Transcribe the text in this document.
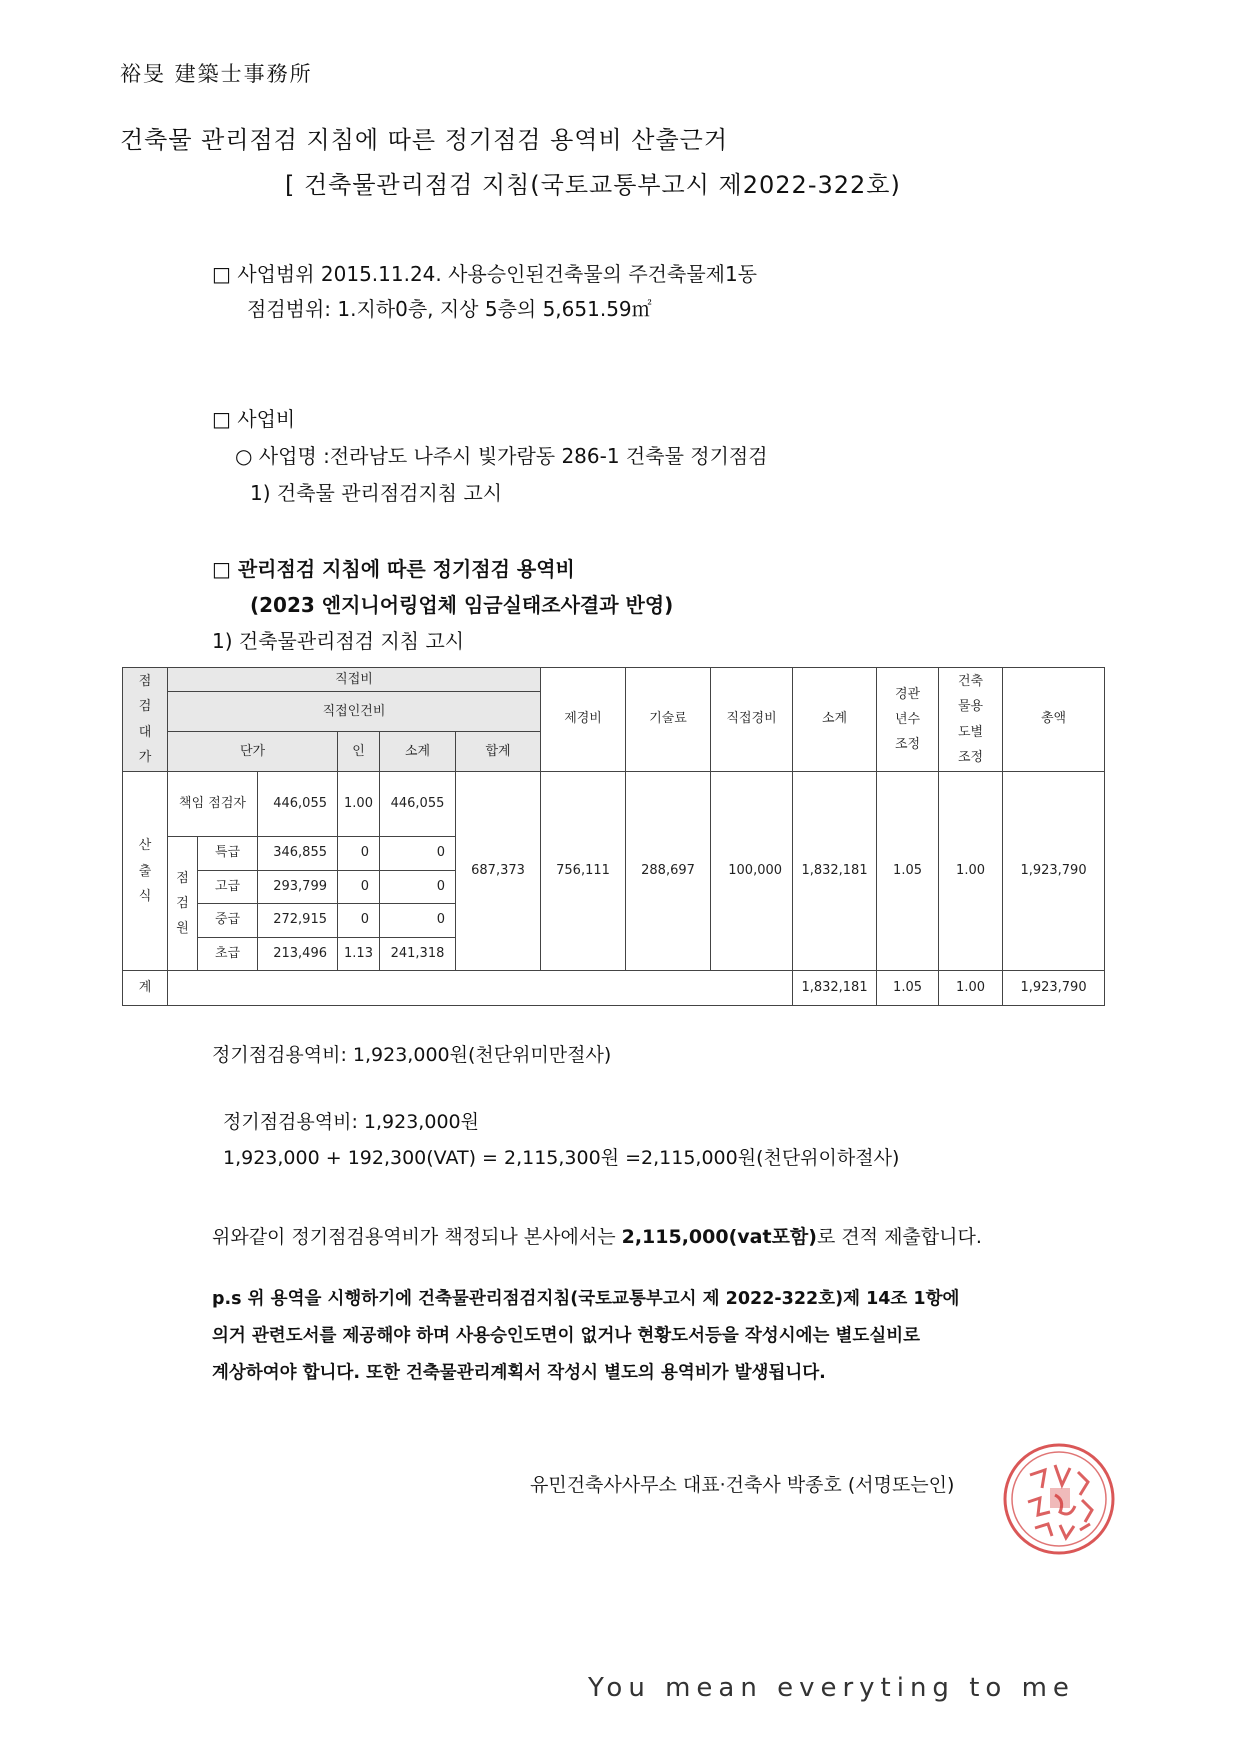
裕旻 建築士事務所
건축물 관리점검 지침에 따른 정기점검 용역비 산출근거
[ 건축물관리점검 지침(국토교통부고시 제2022-322호)
□ 사업범위 2015.11.24. 사용승인된건축물의 주건축물제1동
점검범위: 1.지하0층, 지상 5층의 5,651.59㎡
□ 사업비
○ 사업명 :전라남도 나주시 빛가람동 286-1 건축물 정기점검
1) 건축물 관리점검지침 고시
□ 관리점검 지침에 따른 정기점검 용역비
(2023 엔지니어링업체 임금실태조사결과 반영)
1) 건축물관리점검 지침 고시
점검대가	직접비						제경비	기술료	직접경비	소계	경관년수조정	건축물용도별조정	총액
	직접인건비												
	단가			인	소계	합계							
산출식	책임 점검자		446,055	1.00	446,055	687,373	756,111	288,697	100,000	1,832,181	1.05	1.00	1,923,790
	점검원	특급	346,855	0	0								
		고급	293,799	0	0								
		중급	272,915	0	0								
		초급	213,496	1.13	241,318								
계										1,832,181	1.05	1.00	1,923,790
정기점검용역비: 1,923,000원(천단위미만절사)
정기점검용역비: 1,923,000원
1,923,000 + 192,300(VAT) = 2,115,300원 =2,115,000원(천단위이하절사)
위와같이 정기점검용역비가 책정되나 본사에서는 2,115,000(vat포함)로 견적 제출합니다.
p.s 위 용역을 시행하기에 건축물관리점검지침(국토교통부고시 제 2022-322호)제 14조 1항에
의거 관련도서를 제공해야 하며 사용승인도면이 없거나 현황도서등을 작성시에는 별도실비로
계상하여야 합니다. 또한 건축물관리계획서 작성시 별도의 용역비가 발생됩니다.
유민건축사사무소 대표·건축사 박종호 (서명또는인)
You mean everyting to me
